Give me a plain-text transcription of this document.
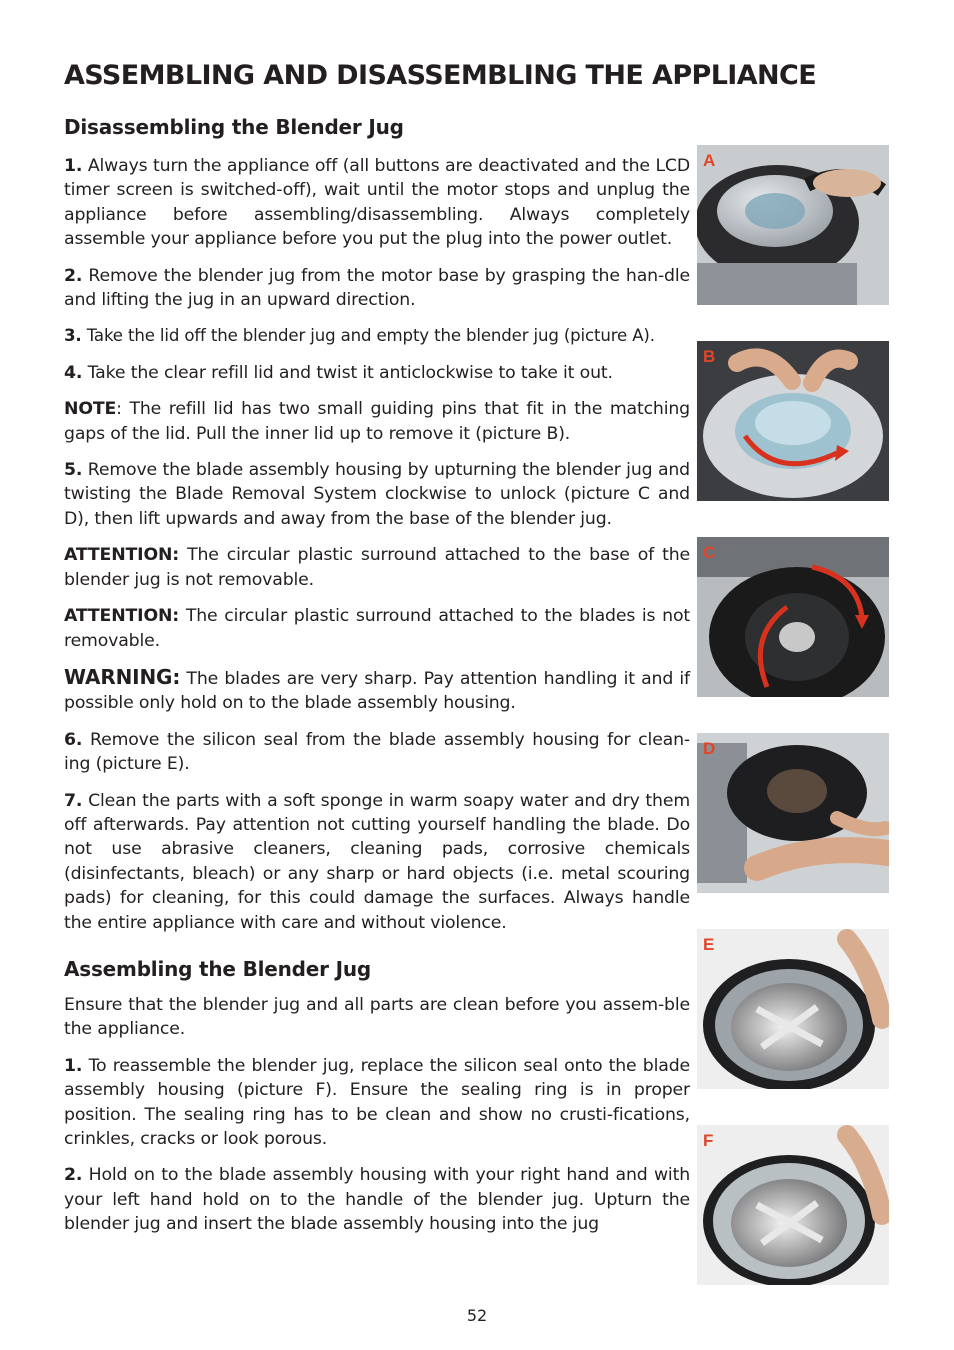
ASSEMBLING AND DISASSEMBLING THE APPLIANCE
Disassembling the Blender Jug

1. Always turn the appliance off (all buttons are deactivated and the LCD timer screen is switched-off), wait until the motor stops and unplug the appliance before assembling/disassembling. Always completely assemble your appliance before you put the plug into the power outlet.

2. Remove the blender jug from the motor base by grasping the han-dle and lifting the jug in an upward direction.

3. Take the lid off the blender jug and empty the blender jug (picture A).

4. Take the clear refill lid and twist it anticlockwise to take it out.

NOTE: The refill lid has two small guiding pins that fit in the matching gaps of the lid. Pull the inner lid up to remove it (picture B).

5. Remove the blade assembly housing by upturning the blender jug and twisting the Blade Removal System clockwise to unlock (picture C and D), then lift upwards and away from the base of the blender jug.

ATTENTION: The circular plastic surround attached to the base of the blender jug is not removable.

ATTENTION: The circular plastic surround attached to the blades is not removable.

WARNING: The blades are very sharp. Pay attention handling it and if possible only hold on to the blade assembly housing.

6. Remove the silicon seal from the blade assembly housing for clean-ing (picture E).

7. Clean the parts with a soft sponge in warm soapy water and dry them off afterwards. Pay attention not cutting yourself handling the blade. Do not use abrasive cleaners, cleaning pads, corrosive chemicals (disinfectants, bleach) or any sharp or hard objects (i.e. metal scouring pads) for cleaning, for this could damage the surfaces. Always handle the entire appliance with care and without violence.

Assembling the Blender Jug

Ensure that the blender jug and all parts are clean before you assem-ble the appliance.

1. To reassemble the blender jug, replace the silicon seal onto the blade assembly housing (picture F). Ensure the sealing ring is in proper position. The sealing ring has to be clean and show no crusti-fications, crinkles, cracks or look porous.

2. Hold on to the blade assembly housing with your right hand and with your left hand hold on to the handle of the blender jug. Upturn the blender jug and insert the blade assembly housing into the jug

A
B
C
D
E
F
52
